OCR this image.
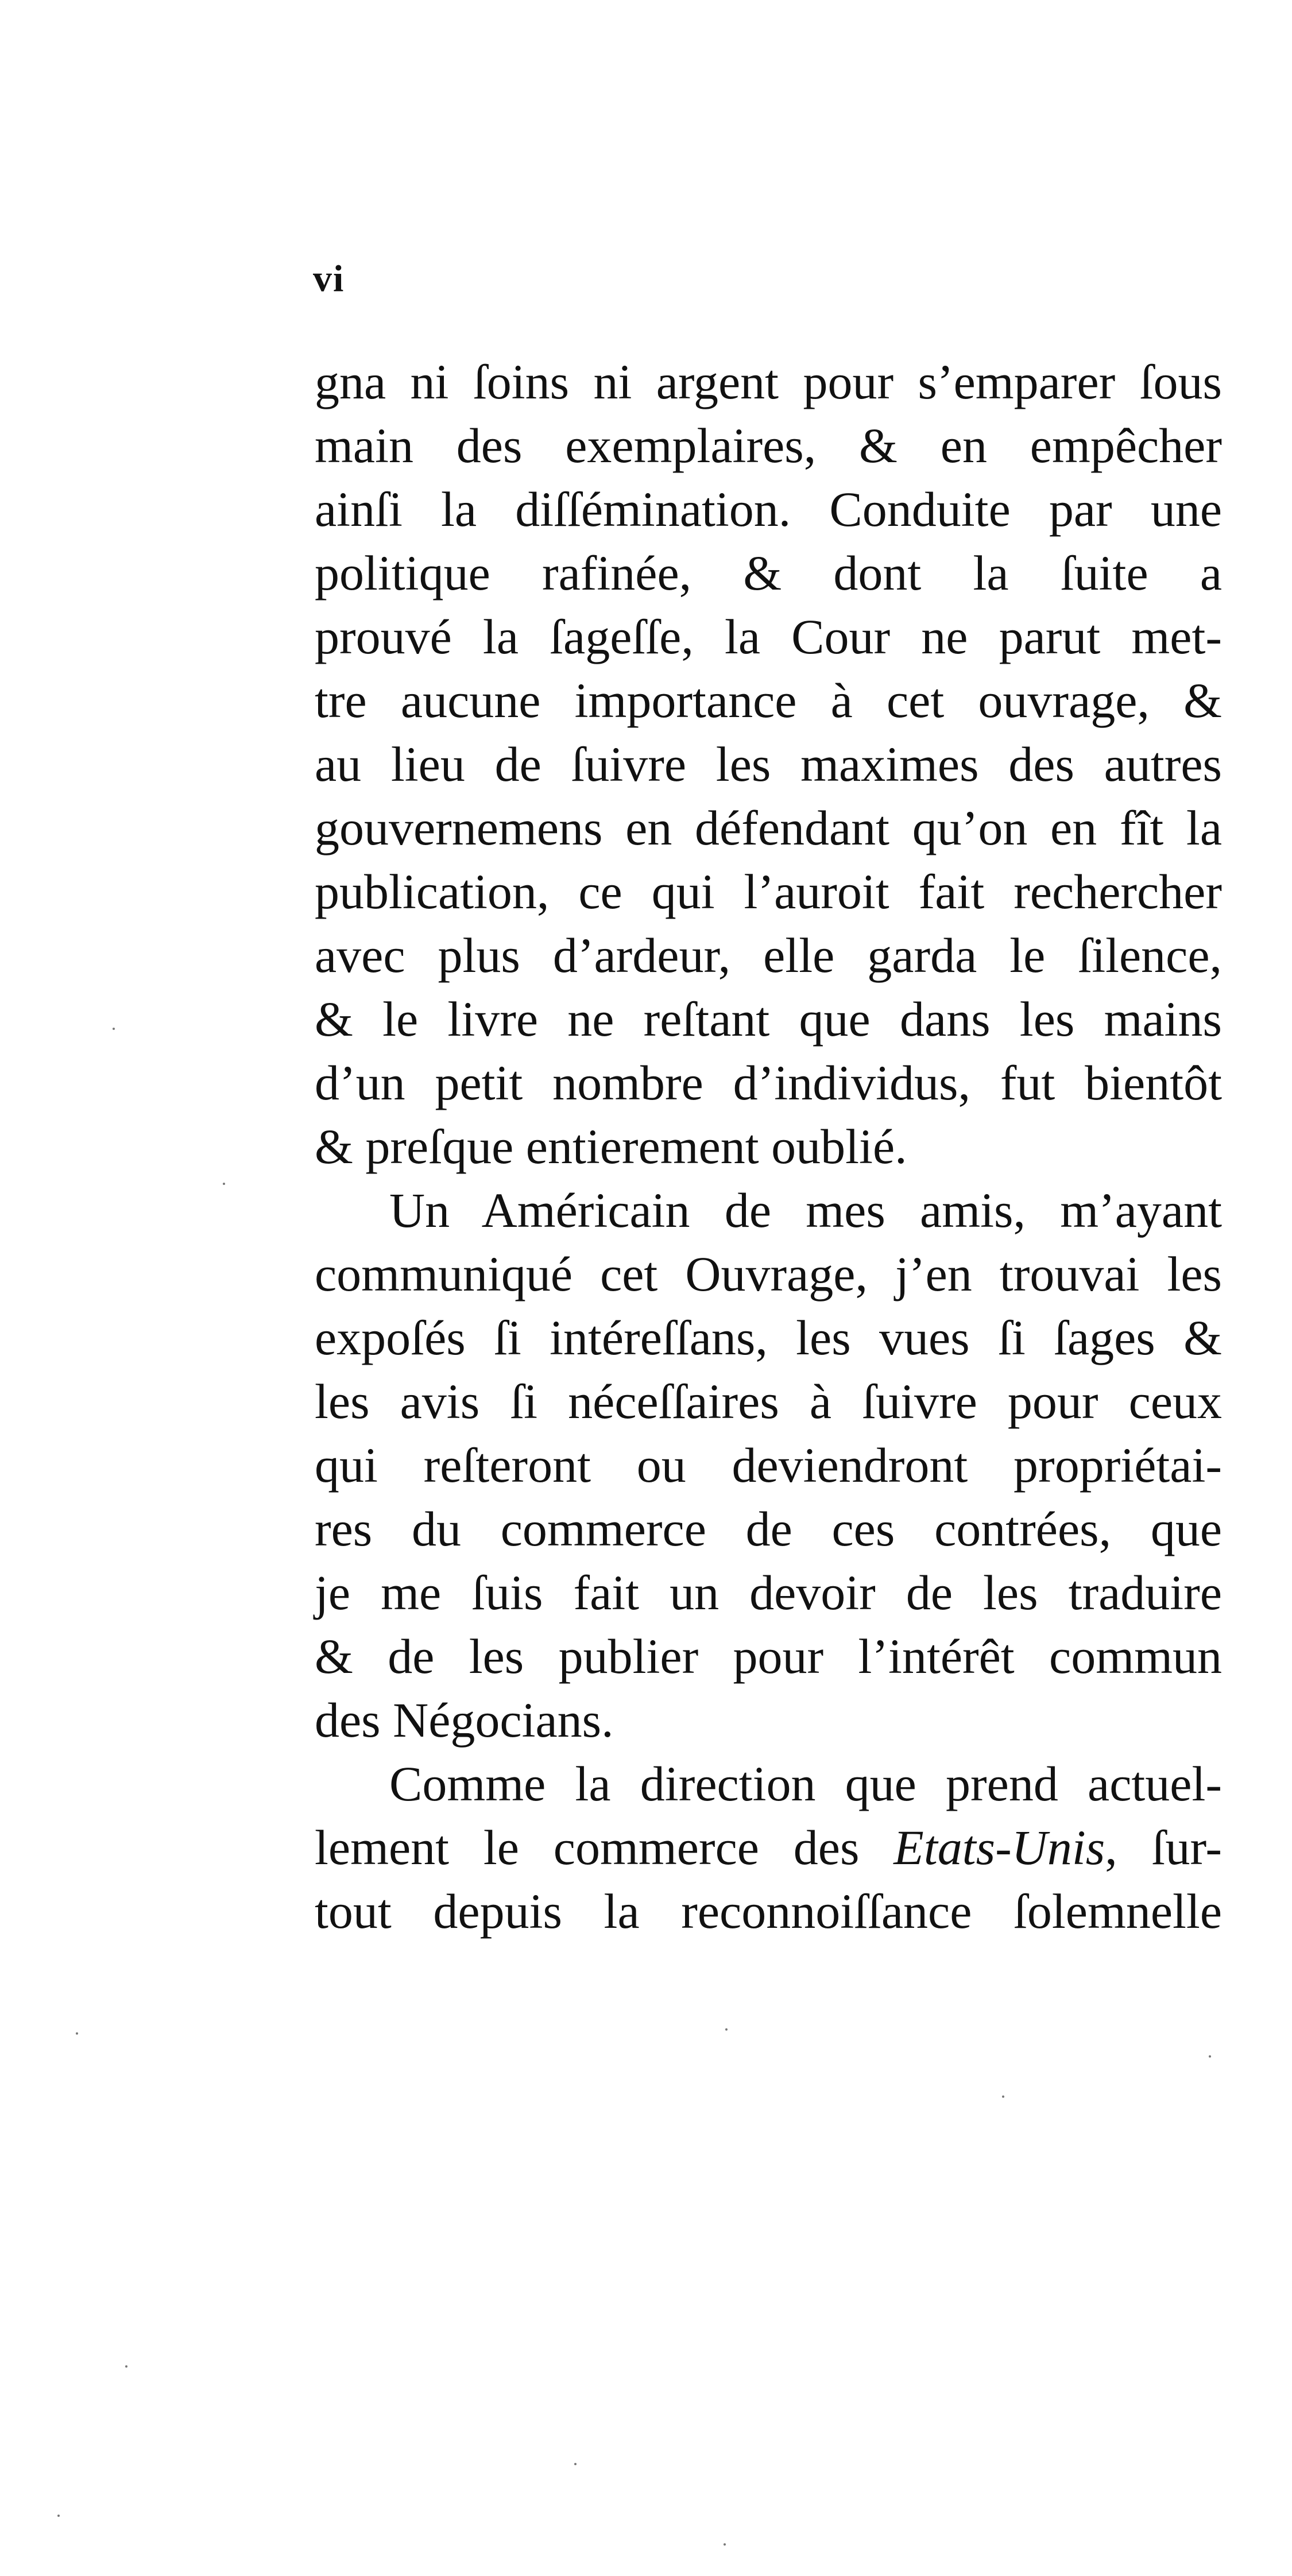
vi
gna ni ſoins ni argent pour s’emparer ſous
main des exemplaires, & en empêcher
ainſi la diſſémination. Conduite par une
politique rafinée, & dont la ſuite a
prouvé la ſageſſe, la Cour ne parut met-
tre aucune importance à cet ouvrage, &
au lieu de ſuivre les maximes des autres
gouvernemens en défendant qu’on en fît la
publication, ce qui l’auroit fait rechercher
avec plus d’ardeur, elle garda le ſilence,
& le livre ne reſtant que dans les mains
d’un petit nombre d’individus, fut bientôt
& preſque entierement oublié.
Un Américain de mes amis, m’ayant
communiqué cet Ouvrage, j’en trouvai les
expoſés ſi intéreſſans, les vues ſi ſages &
les avis ſi néceſſaires à ſuivre pour ceux
qui reſteront ou deviendront propriétai-
res du commerce de ces contrées, que
je me ſuis fait un devoir de les traduire
& de les publier pour l’intérêt commun
des Négocians.
Comme la direction que prend actuel-
lement le commerce des Etats-Unis, ſur-
tout depuis la reconnoiſſance ſolemnelle
